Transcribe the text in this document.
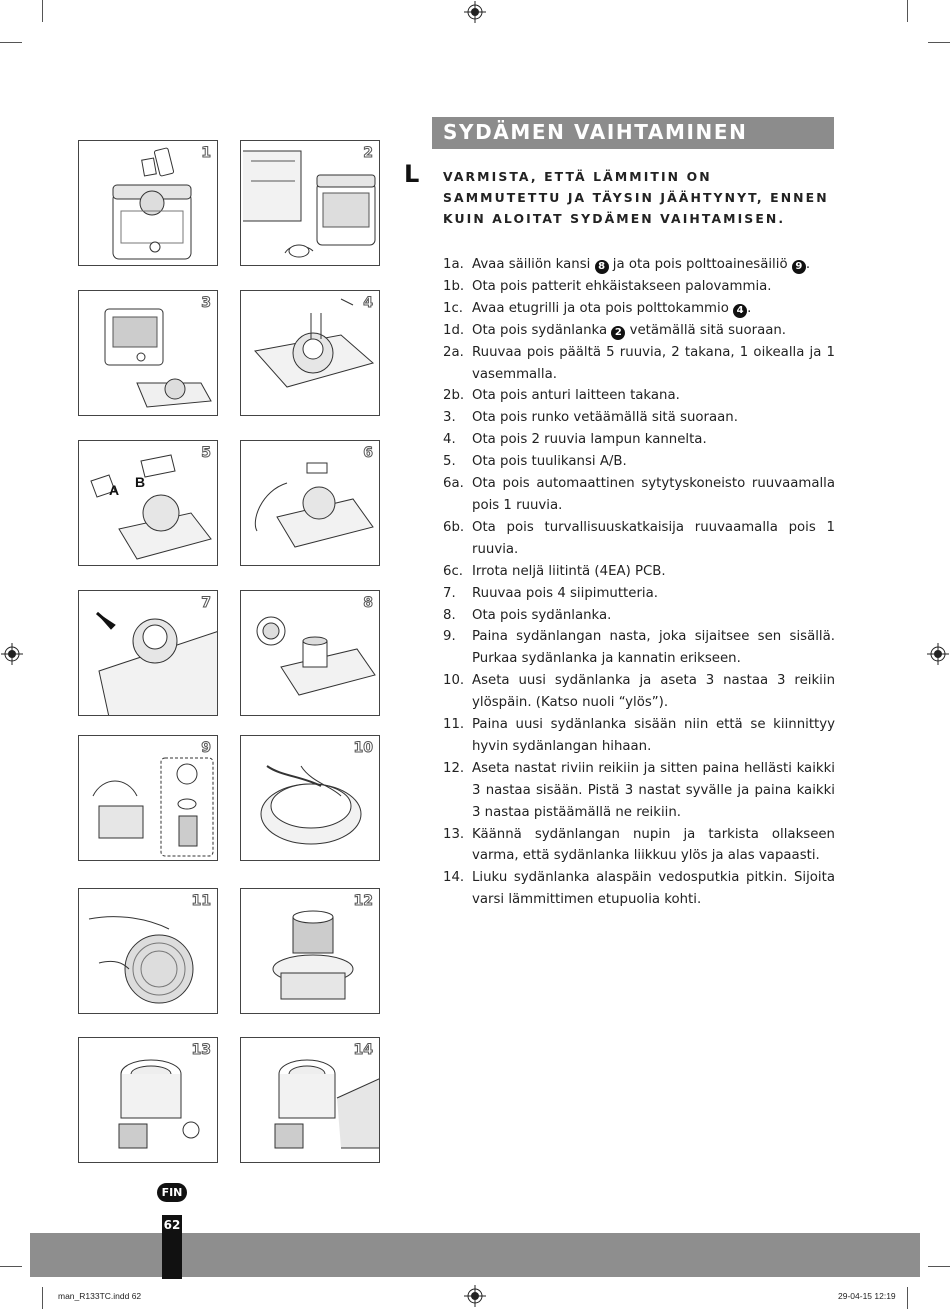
1	2
3	4
5
A B
6
7	8
9	10
11	12
13	14
SYDÄMEN VAIHTAMINEN
L VARMISTA, ETTÄ LÄMMITIN ON SAMMUTETTU JA TÄYSIN JÄÄHTYNYT, ENNEN KUIN ALOITAT SYDÄMEN VAIHTAMISEN.
1a. Avaa säiliön kansi 8 ja ota pois polttoainesäiliö 9 .
1b. Ota pois patterit ehkäistakseen palovammia.
1c. Avaa etugrilli ja ota pois polttokammio 4 .
1d. Ota pois sydänlanka 2 vetämällä sitä suoraan.
2a. Ruuvaa pois päältä 5 ruuvia, 2 takana, 1 oikealla ja 1 vasemmalla.
2b. Ota pois anturi laitteen takana.
3. Ota pois runko vetäämällä sitä suoraan.
4. Ota pois 2 ruuvia lampun kannelta.
5. Ota pois tuulikansi A/B.
6a. Ota pois automaattinen sytytyskoneisto ruuvaamalla pois 1 ruuvia.
6b. Ota pois turvallisuuskatkaisija ruuvaamalla pois 1 ruuvia.
6c. Irrota neljä liitintä (4EA) PCB.
7. Ruuvaa pois 4 siipimutteria.
8. Ota pois sydänlanka.
9. Paina sydänlangan nasta, joka sijaitsee sen sisällä. Purkaa sydänlanka ja kannatin erikseen.
10. Aseta uusi sydänlanka ja aseta 3 nastaa 3 reikiin ylöspäin. (Katso nuoli “ylös”).
11. Paina uusi sydänlanka sisään niin että se kiinnittyy hyvin sydänlangan hihaan.
12. Aseta nastat riviin reikiin ja sitten paina hellästi kaikki 3 nastaa sisään. Pistä 3 nastat syvälle ja paina kaikki 3 nastaa pistäämällä ne reikiin.
13. Käännä sydänlangan nupin ja tarkista ollakseen varma, että sydänlanka liikkuu ylös ja alas vapaasti.
14. Liuku sydänlanka alaspäin vedosputkia pitkin. Sijoita varsi lämmittimen etupuolia kohti.
FIN
62
man_R133TC.indd 62	29-04-15 12:19
